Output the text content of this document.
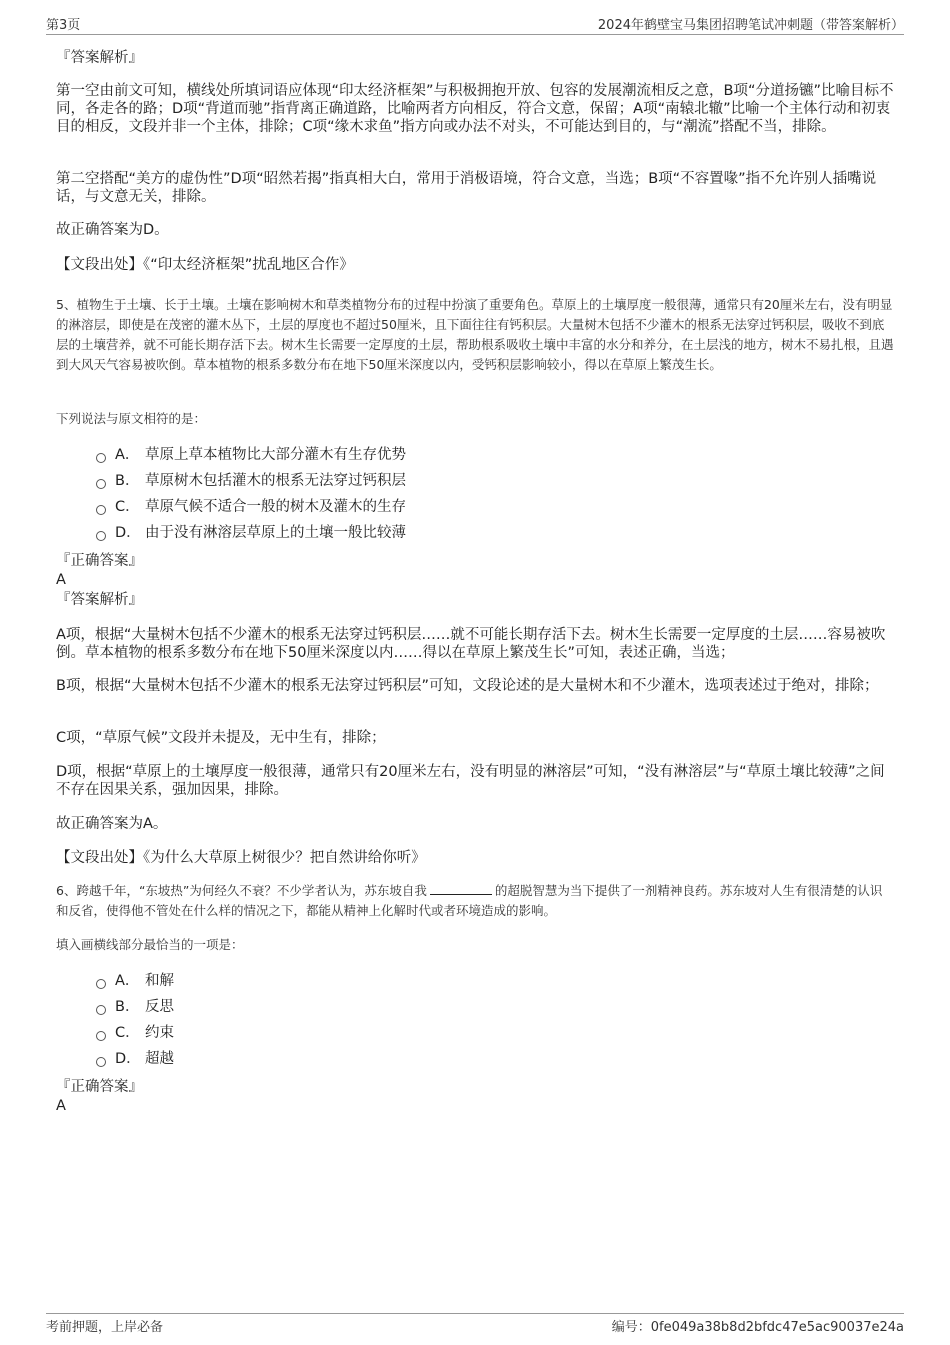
第3页	2024年鹤壁宝马集团招聘笔试冲刺题（带答案解析）
『答案解析』
第一空由前文可知，横线处所填词语应体现“印太经济框架”与积极拥抱开放、包容的发展潮流相反之意，B项“分道扬镳”比喻目标不同，各走各的路；D项“背道而驰”指背离正确道路，比喻两者方向相反，符合文意，保留；A项“南辕北辙”比喻一个主体行动和初衷目的相反，文段并非一个主体，排除；C项“缘木求鱼”指方向或办法不对头，不可能达到目的，与“潮流”搭配不当，排除。
第二空搭配“美方的虚伪性”D项“昭然若揭”指真相大白，常用于消极语境，符合文意，当选；B项“不容置喙”指不允许别人插嘴说话，与文意无关，排除。
故正确答案为D。
【文段出处】《“印太经济框架”扰乱地区合作》
5、植物生于土壤、长于土壤。土壤在影响树木和草类植物分布的过程中扮演了重要角色。草原上的土壤厚度一般很薄，通常只有20厘米左右，没有明显的淋溶层，即使是在茂密的灌木丛下，土层的厚度也不超过50厘米，且下面往往有钙积层。大量树木包括不少灌木的根系无法穿过钙积层，吸收不到底层的土壤营养，就不可能长期存活下去。树木生长需要一定厚度的土层，帮助根系吸收土壤中丰富的水分和养分，在土层浅的地方，树木不易扎根，且遇到大风天气容易被吹倒。草本植物的根系多数分布在地下50厘米深度以内，受钙积层影响较小，得以在草原上繁茂生长。
下列说法与原文相符的是：
A． 草原上草本植物比大部分灌木有生存优势
B． 草原树木包括灌木的根系无法穿过钙积层
C． 草原气候不适合一般的树木及灌木的生存
D． 由于没有淋溶层草原上的土壤一般比较薄
『正确答案』
A
『答案解析』
A项，根据“大量树木包括不少灌木的根系无法穿过钙积层……就不可能长期存活下去。树木生长需要一定厚度的土层……容易被吹倒。草本植物的根系多数分布在地下50厘米深度以内……得以在草原上繁茂生长”可知，表述正确，当选；
B项，根据“大量树木包括不少灌木的根系无法穿过钙积层”可知，文段论述的是大量树木和不少灌木，选项表述过于绝对，排除；
C项，“草原气候”文段并未提及，无中生有，排除；
D项，根据“草原上的土壤厚度一般很薄，通常只有20厘米左右，没有明显的淋溶层”可知，“没有淋溶层”与“草原土壤比较薄”之间不存在因果关系，强加因果，排除。
故正确答案为A。
【文段出处】《为什么大草原上树很少？把自然讲给你听》
6、跨越千年，“东坡热”为何经久不衰？不少学者认为，苏东坡自我	的超脱智慧为当下提供了一剂精神良药。苏东坡对人生有很清楚的认识和反省，使得他不管处在什么样的情况之下，都能从精神上化解时代或者环境造成的影响。
填入画横线部分最恰当的一项是：
A． 和解
B． 反思
C． 约束
D． 超越
『正确答案』
A
考前押题，上岸必备	编号：0fe049a38b8d2bfdc47e5ac90037e24a
